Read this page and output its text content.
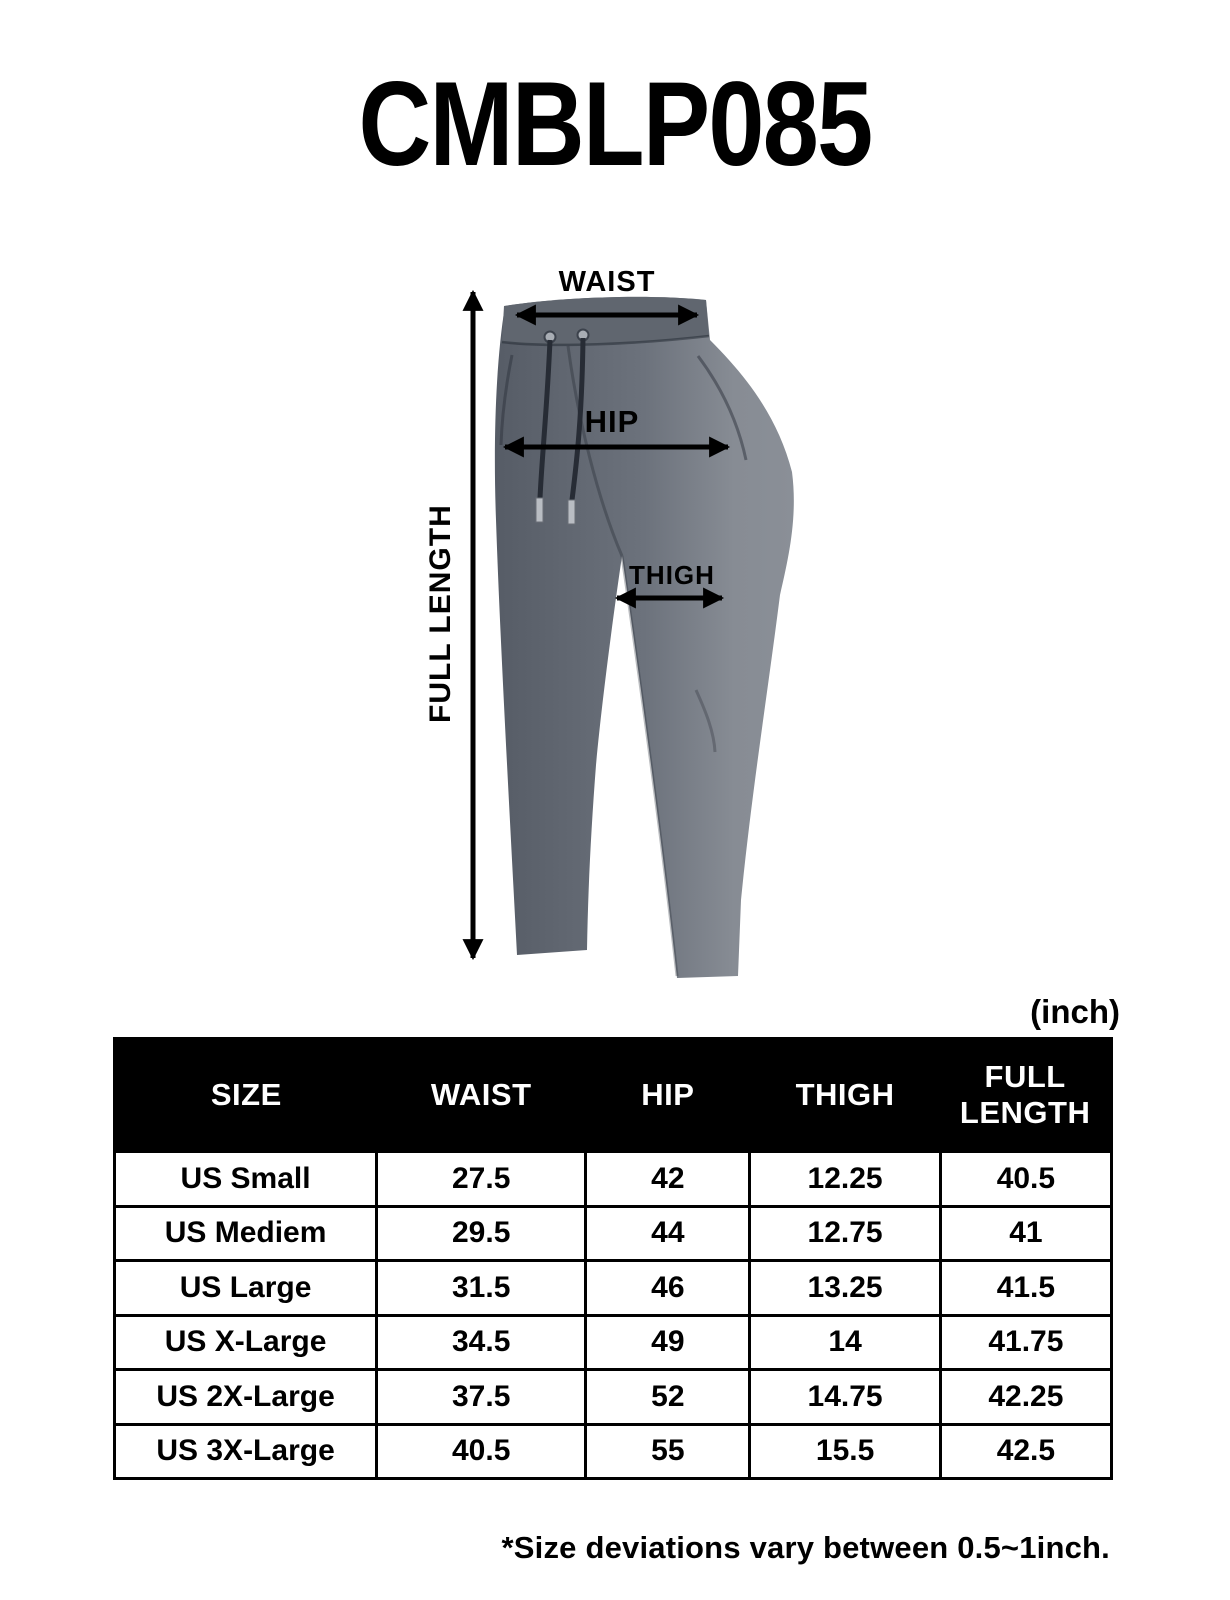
CMBLP085
WAIST
HIP
THIGH
FULL LENGTH
(inch)
SIZE	WAIST	HIP	THIGH	FULL LENGTH
US Small	27.5	42	12.25	40.5
US Mediem	29.5	44	12.75	41
US Large	31.5	46	13.25	41.5
US X-Large	34.5	49	14	41.75
US 2X-Large	37.5	52	14.75	42.25
US 3X-Large	40.5	55	15.5	42.5
*Size deviations vary between 0.5~1inch.
